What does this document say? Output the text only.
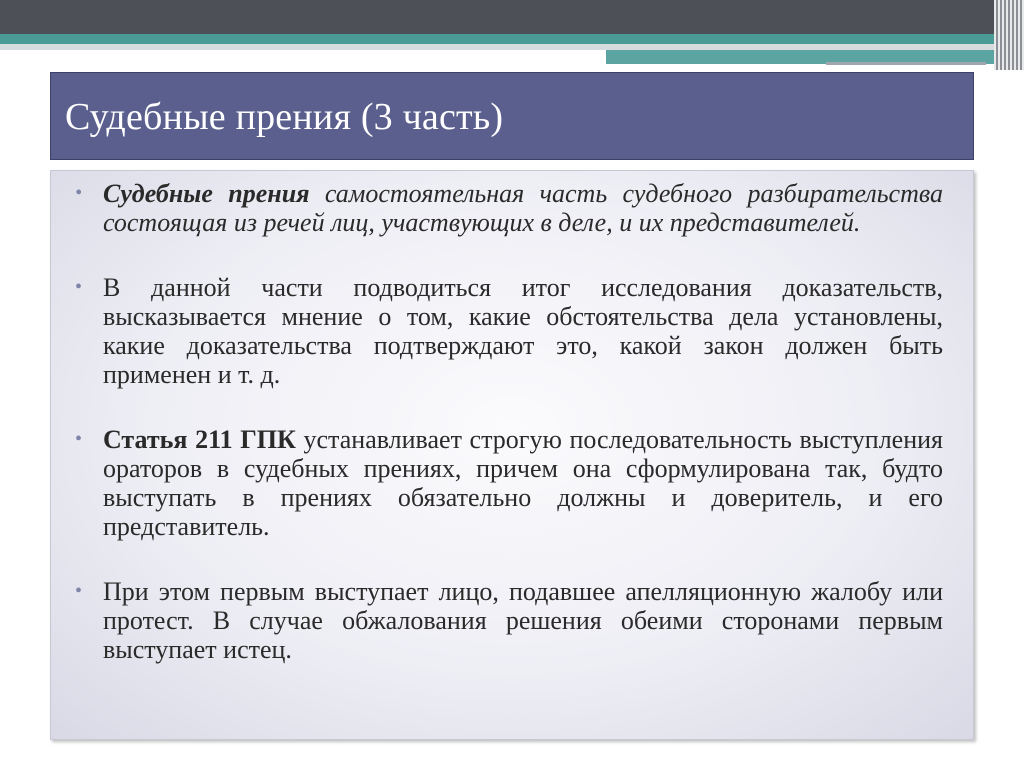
Судебные прения (3 часть)
• Судебные прения самостоятельная часть судебного разбирательства состоящая из речей лиц, участвующих в деле, и их представителей.
• В данной части подводиться итог исследования доказательств, высказывается мнение о том, какие обстоятельства дела установлены, какие доказательства подтверждают это, какой закон должен быть применен и т. д.
• Статья 211 ГПК устанавливает строгую последовательность выступления ораторов в судебных прениях, причем она сформулирована так, будто выступать в прениях обязательно должны и доверитель, и его представитель.
• При этом первым выступает лицо, подавшее апелляционную жалобу или протест. В случае обжалования решения обеими сторонами первым выступает истец.
